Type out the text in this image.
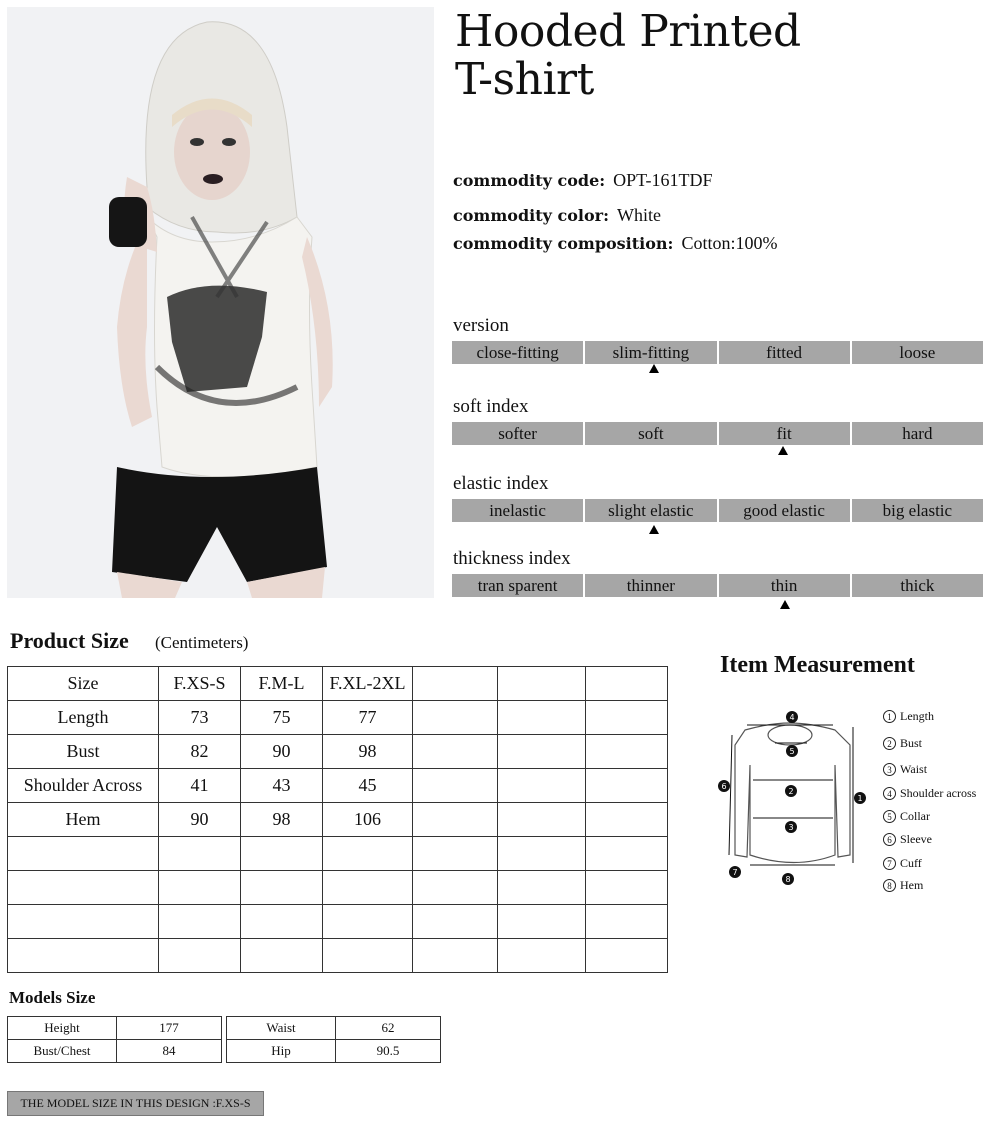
Hooded Printed
T-shirt
commodity code: OPT-161TDF
commodity color: White
commodity composition: Cotton:100%
version
close-fitting	slim-fitting	fitted	loose
soft index
softer	soft	fit	hard
elastic index
inelastic	slight elastic	good elastic	big elastic
thickness index
tran sparent	thinner	thin	thick
Product Size (Centimeters)
Size	F.XS-S	F.M-L	F.XL-2XL			
Length	73	75	77			
Bust	82	90	98			
Shoulder Across	41	43	45			
Hem	90	98	106			

Models Size
Height	177
Bust/Chest	84
Waist	62
Hip	90.5
THE MODEL SIZE IN THIS DESIGN :F.XS-S
Item Measurement
4
5
2
3
1
6
7
8
1 Length
2 Bust
3 Waist
4 Shoulder across
5 Collar
6 Sleeve
7 Cuff
8 Hem
